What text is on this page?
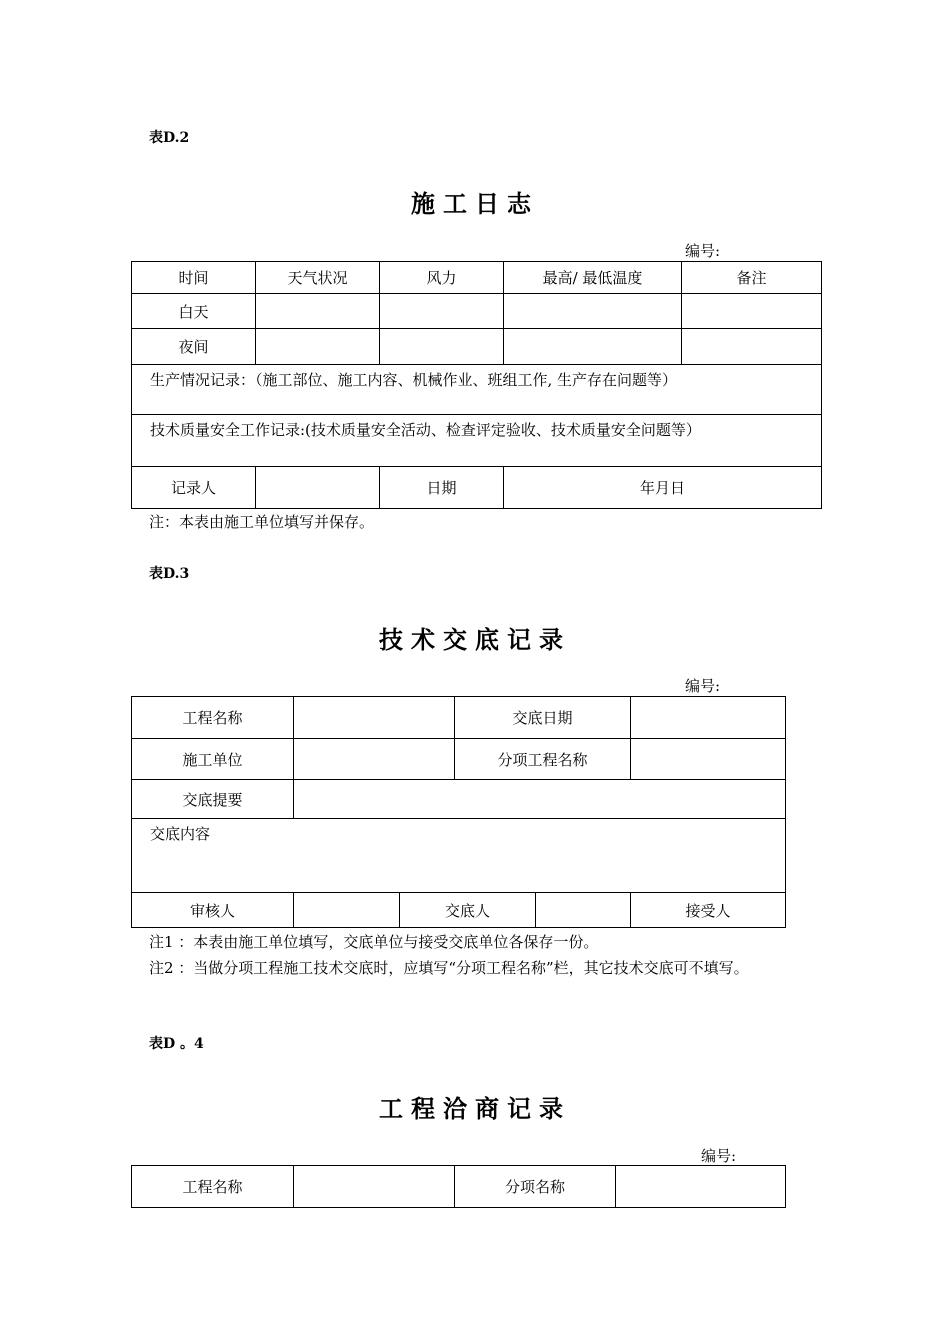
表D.2
施工日志
编号:
时间	天气状况	风力	最高/ 最低温度	备注
白天				
夜间				
生产情况记录：（施工部位、施工内容、机械作业、班组工作, 生产存在问题等）				
技术质量安全工作记录:(技术质量安全活动、检查评定验收、技术质量安全问题等）				
记录人		日期	年月日	
注：本表由施工单位填写并保存。
表D.3
技术交底记录
编号:
工程名称			交底日期		
施工单位			分项工程名称		
交底提要					
交底内容					
审核人		交底人			接受人
注1 ：本表由施工单位填写，交底单位与接受交底单位各保存一份。
注2 ：当做分项工程施工技术交底时，应填写“分项工程名称”栏，其它技术交底可不填写。
表D 。4
工程洽商记录
编号:
工程名称		分项名称	
